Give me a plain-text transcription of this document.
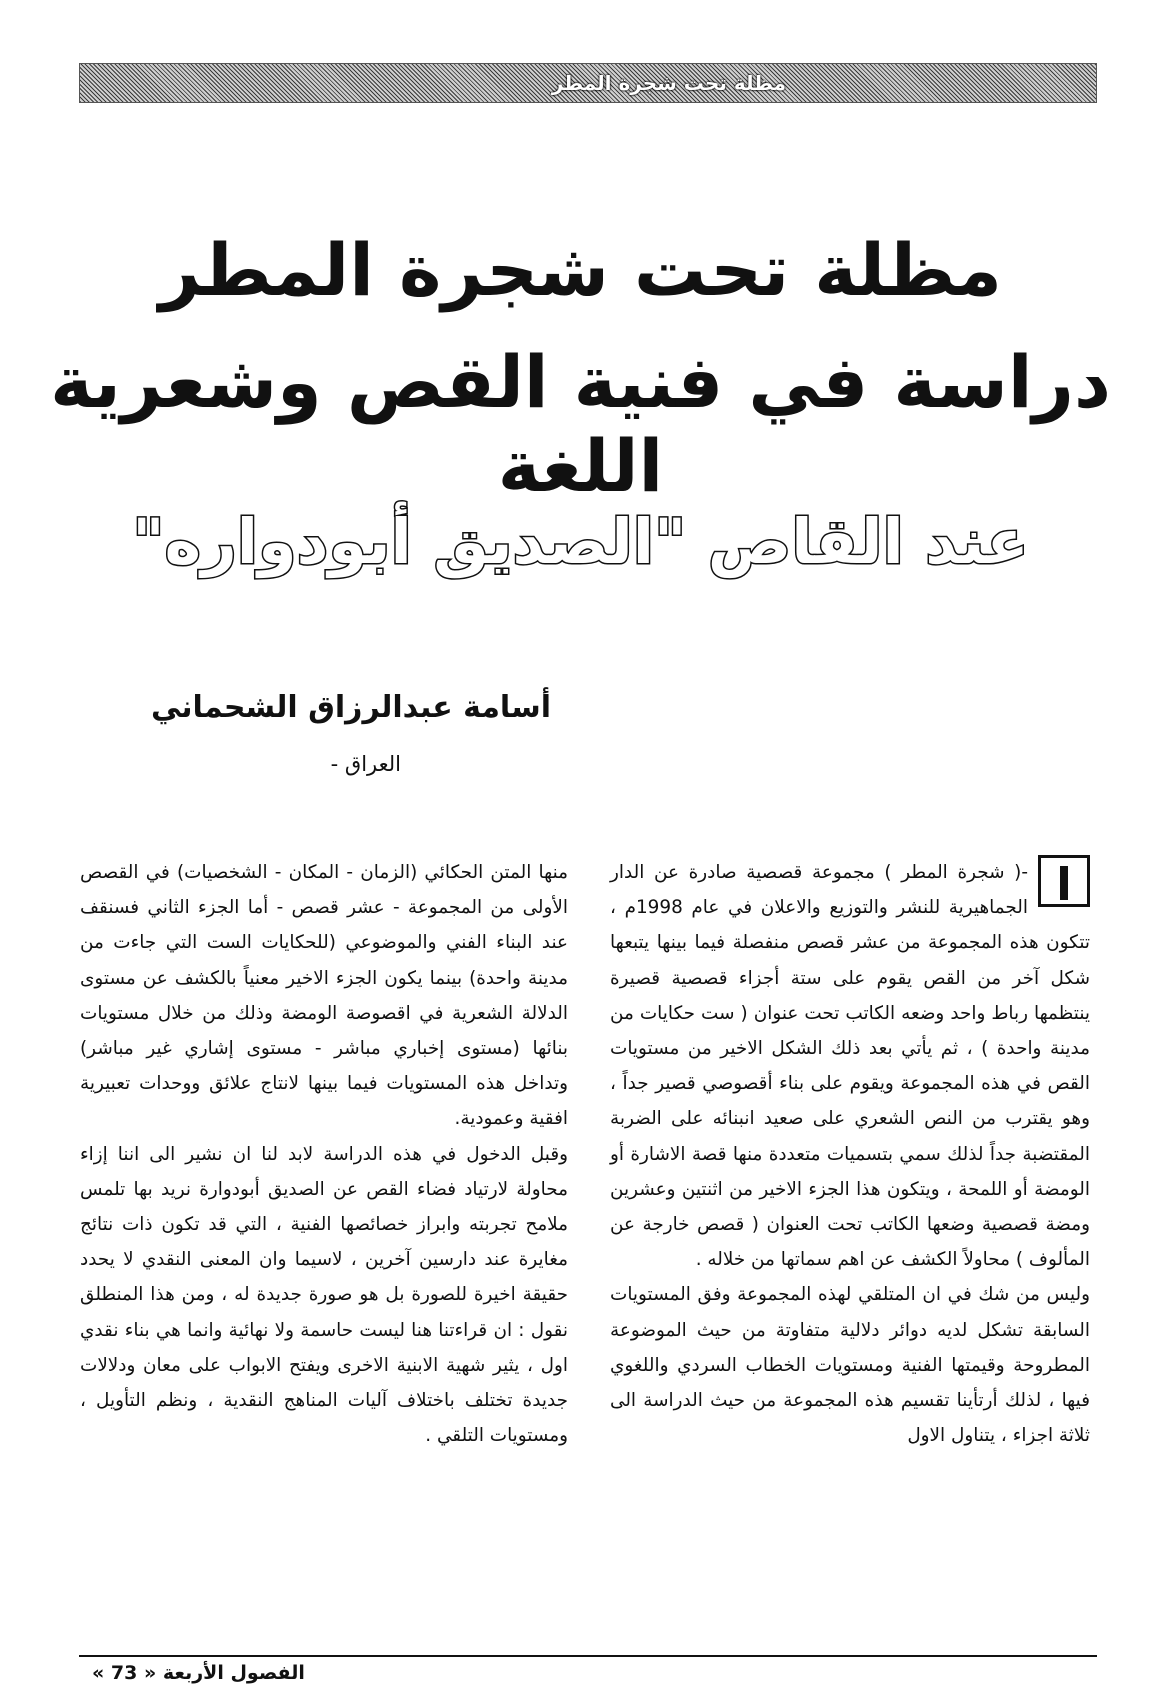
مظلة تحت شجرة المطر
مظلة تحت شجرة المطر
دراسة في فنية القص وشعرية اللغة
عند القاص "الصديق أبودواره"
أسامة عبدالرزاق الشحماني
العراق -

-( شجرة المطر ) مجموعة قصصية صادرة عن الدار الجماهيرية للنشر والتوزيع والاعلان في عام 1998م ، تتكون هذه المجموعة من عشر قصص منفصلة فيما بينها يتبعها شكل آخر من القص يقوم على ستة أجزاء قصصية قصيرة ينتظمها رباط واحد وضعه الكاتب تحت عنوان ( ست حكايات من مدينة واحدة ) ، ثم يأتي بعد ذلك الشكل الاخير من مستويات القص في هذه المجموعة ويقوم على بناء أقصوصي قصير جداً ، وهو يقترب من النص الشعري على صعيد انبنائه على الضربة المقتضبة جداً لذلك سمي بتسميات متعددة منها قصة الاشارة أو الومضة أو اللمحة ، ويتكون هذا الجزء الاخير من اثنتين وعشرين ومضة قصصية وضعها الكاتب تحت العنوان ( قصص خارجة عن المألوف ) محاولاً الكشف عن اهم سماتها من خلاله .

وليس من شك في ان المتلقي لهذه المجموعة وفق المستويات السابقة تشكل لديه دوائر دلالية متفاوتة من حيث الموضوعة المطروحة وقيمتها الفنية ومستويات الخطاب السردي واللغوي فيها ، لذلك أرتأينا تقسيم هذه المجموعة من حيث الدراسة الى ثلاثة اجزاء ، يتناول الاول

منها المتن الحكائي (الزمان - المكان - الشخصيات) في القصص الأولى من المجموعة - عشر قصص - أما الجزء الثاني فسنقف عند البناء الفني والموضوعي (للحكايات الست التي جاءت من مدينة واحدة) بينما يكون الجزء الاخير معنياً بالكشف عن مستوى الدلالة الشعرية في اقصوصة الومضة وذلك من خلال مستويات بنائها (مستوى إخباري مباشر - مستوى إشاري غير مباشر) وتداخل هذه المستويات فيما بينها لانتاج علائق ووحدات تعبيرية افقية وعمودية.

وقبل الدخول في هذه الدراسة لابد لنا ان نشير الى اننا إزاء محاولة لارتياد فضاء القص عن الصديق أبودوارة نريد بها تلمس ملامح تجربته وابراز خصائصها الفنية ، التي قد تكون ذات نتائج مغايرة عند دارسين آخرين ، لاسيما وان المعنى النقدي لا يحدد حقيقة اخيرة للصورة بل هو صورة جديدة له ، ومن هذا المنطلق نقول : ان قراءتنا هنا ليست حاسمة ولا نهائية وانما هي بناء نقدي اول ، يثير شهية الابنية الاخرى ويفتح الابواب على معان ودلالات جديدة تختلف باختلاف آليات المناهج النقدية ، ونظم التأويل ، ومستويات التلقي .

الفصول الأربعة « 73 »
